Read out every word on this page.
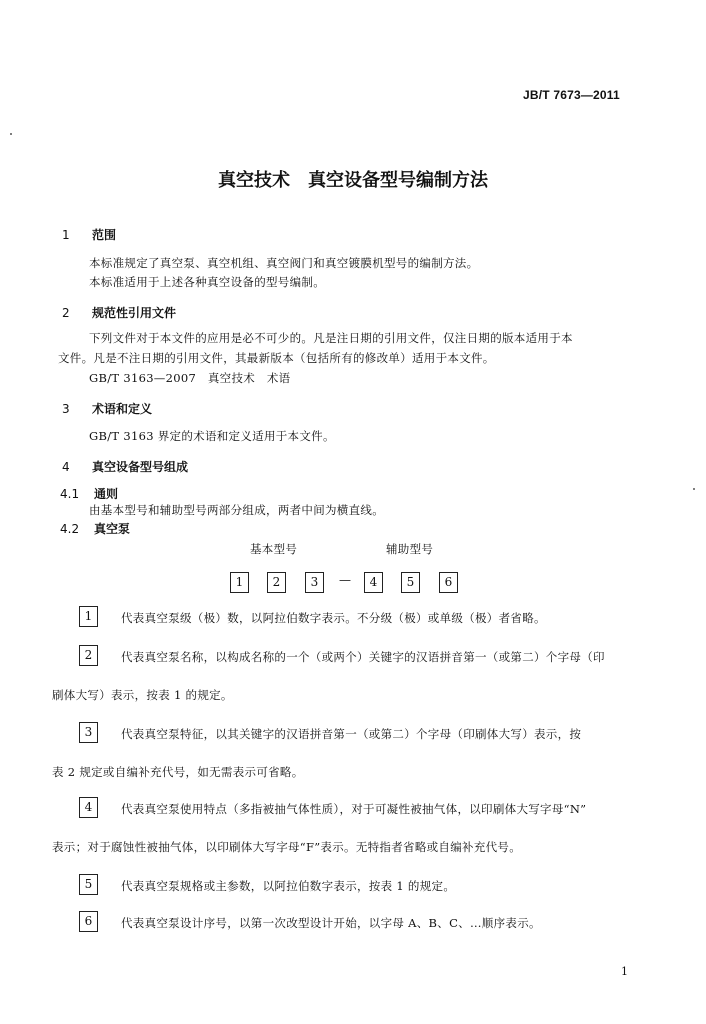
JB/T 7673—2011
真空技术　真空设备型号编制方法
1 范围
本标准规定了真空泵、真空机组、真空阀门和真空镀膜机型号的编制方法。
本标准适用于上述各种真空设备的型号编制。
2 规范性引用文件
下列文件对于本文件的应用是必不可少的。凡是注日期的引用文件，仅注日期的版本适用于本
文件。凡是不注日期的引用文件，其最新版本（包括所有的修改单）适用于本文件。
GB/T 3163—2007　真空技术　术语
3 术语和定义
GB/T 3163 界定的术语和定义适用于本文件。
4 真空设备型号组成
4.1 通则
由基本型号和辅助型号两部分组成，两者中间为横直线。
4.2 真空泵
基本型号	辅助型号
1	2	3	—	4	5	6
1	代表真空泵级（极）数，以阿拉伯数字表示。不分级（极）或单级（极）者省略。
2	代表真空泵名称，以构成名称的一个（或两个）关键字的汉语拼音第一（或第二）个字母（印
刷体大写）表示，按表 1 的规定。
3	代表真空泵特征，以其关键字的汉语拼音第一（或第二）个字母（印刷体大写）表示，按
表 2 规定或自编补充代号，如无需表示可省略。
4	代表真空泵使用特点（多指被抽气体性质），对于可凝性被抽气体，以印刷体大写字母“N”
表示；对于腐蚀性被抽气体，以印刷体大写字母“F”表示。无特指者省略或自编补充代号。
5	代表真空泵规格或主参数，以阿拉伯数字表示，按表 1 的规定。
6	代表真空泵设计序号，以第一次改型设计开始，以字母 A、B、C、…顺序表示。
1
